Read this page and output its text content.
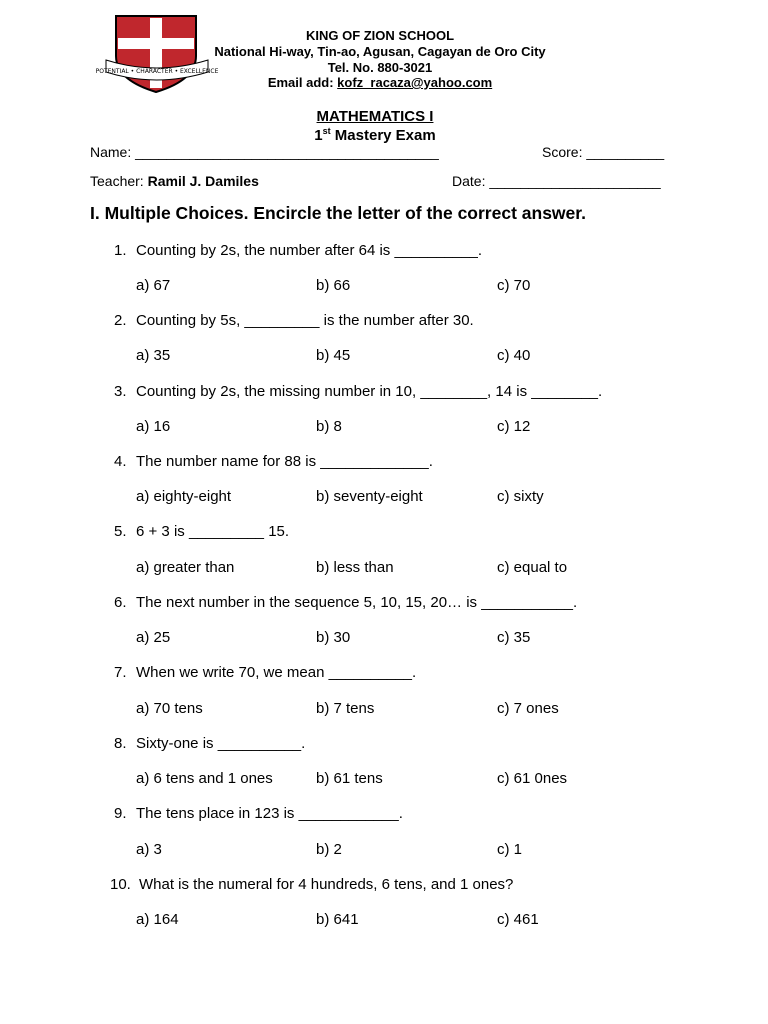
POTENTIAL • CHARACTER • EXCELLENCE
KING OF ZION SCHOOL
National Hi-way, Tin-ao, Agusan, Cagayan de Oro City
Tel. No. 880-3021
Email add: kofz_racaza@yahoo.com
MATHEMATICS I
1st Mastery Exam
Name: _______________________________________	Score: __________
Teacher: Ramil J. Damiles	Date: ______________________
I. Multiple Choices. Encircle the letter of the correct answer.
1. Counting by 2s, the number after 64 is __________.
a) 67	b) 66	c) 70
2. Counting by 5s, _________ is the number after 30.
a) 35	b) 45	c) 40
3. Counting by 2s, the missing number in 10, ________, 14 is ________.
a) 16	b) 8	c) 12
4. The number name for 88 is _____________.
a) eighty-eight	b) seventy-eight	c) sixty
5. 6 + 3 is _________ 15.
a) greater than	b) less than	c) equal to
6. The next number in the sequence 5, 10, 15, 20… is ___________.
a) 25	b) 30	c) 35
7. When we write 70, we mean __________.
a) 70 tens	b) 7 tens	c) 7 ones
8. Sixty-one is __________.
a) 6 tens and 1 ones	b) 61 tens	c) 61 0nes
9. The tens place in 123 is ____________.
a) 3	b) 2	c) 1
10. What is the numeral for 4 hundreds, 6 tens, and 1 ones?
a) 164	b) 641	c) 461
